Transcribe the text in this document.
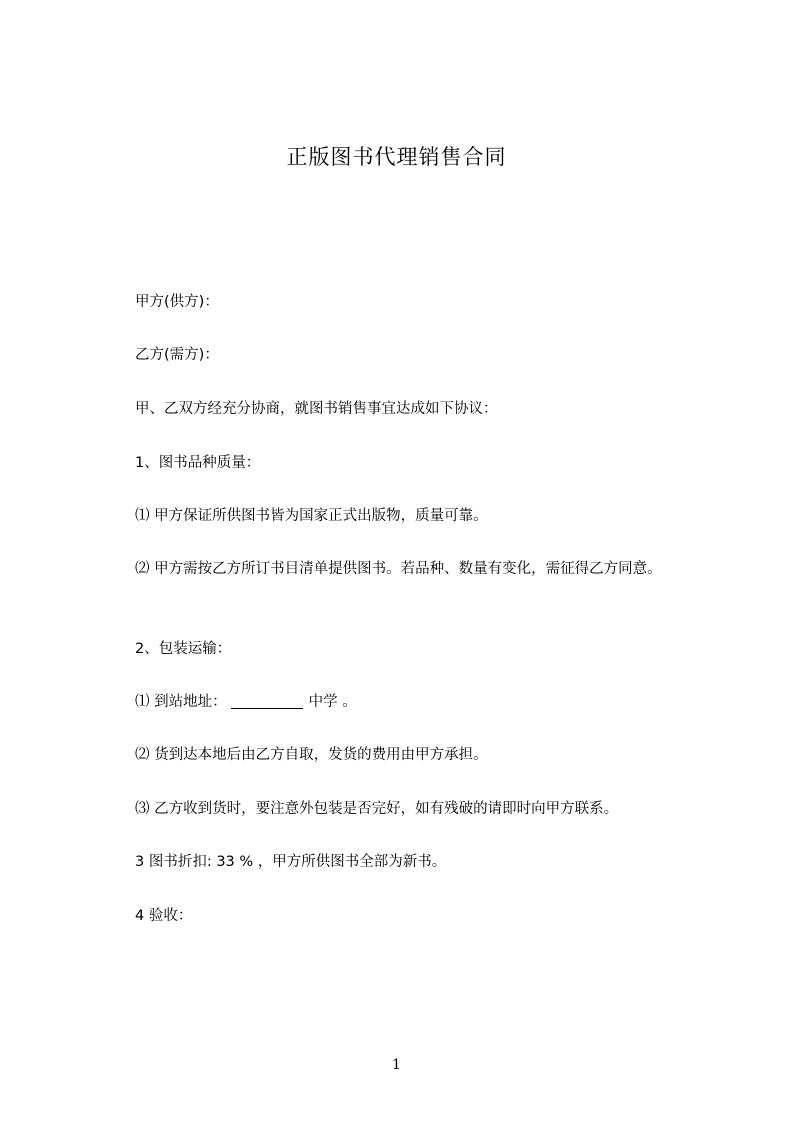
正版图书代理销售合同
甲方(供方)：
乙方(需方)：
甲、乙双方经充分协商，就图书销售事宜达成如下协议：
1、图书品种质量：
⑴ 甲方保证所供图书皆为国家正式出版物，质量可靠。
⑵ 甲方需按乙方所订书目清单提供图书。若品种、数量有变化，需征得乙方同意。
2、包装运输：
⑴ 到站地址：	中学 。
⑵ 货到达本地后由乙方自取，发货的费用由甲方承担。
⑶ 乙方收到货时，要注意外包装是否完好，如有残破的请即时向甲方联系。
3 图书折扣: 33 % ，甲方所供图书全部为新书。
4 验收：
1
